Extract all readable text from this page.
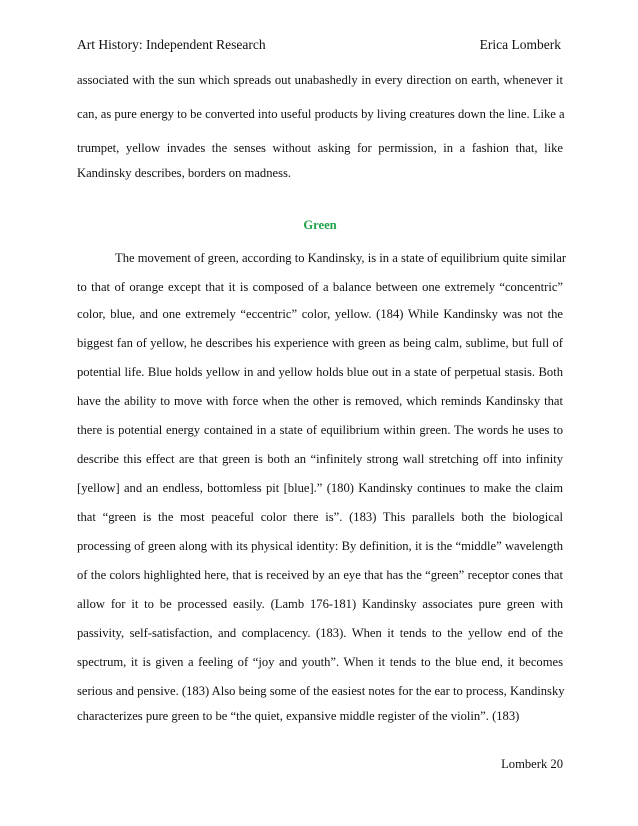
Art History: Independent Research	Erica Lomberk
associated with the sun which spreads out unabashedly in every direction on earth, whenever it
can, as pure energy to be converted into useful products by living creatures down the line. Like a
trumpet, yellow invades the senses without asking for permission, in a fashion that, like
Kandinsky describes, borders on madness.
Green
The movement of green, according to Kandinsky, is in a state of equilibrium quite similar
to that of orange except that it is composed of a balance between one extremely “concentric”
color, blue, and one extremely “eccentric” color, yellow. (184) While Kandinsky was not the
biggest fan of yellow, he describes his experience with green as being calm, sublime, but full of
potential life. Blue holds yellow in and yellow holds blue out in a state of perpetual stasis. Both
have the ability to move with force when the other is removed, which reminds Kandinsky that
there is potential energy contained in a state of equilibrium within green. The words he uses to
describe this effect are that green is both an “infinitely strong wall stretching off into infinity
[yellow] and an endless, bottomless pit [blue].” (180) Kandinsky continues to make the claim
that “green is the most peaceful color there is”. (183) This parallels both the biological
processing of green along with its physical identity: By definition, it is the “middle” wavelength
of the colors highlighted here, that is received by an eye that has the “green” receptor cones that
allow for it to be processed easily. (Lamb 176-181) Kandinsky associates pure green with
passivity, self-satisfaction, and complacency. (183). When it tends to the yellow end of the
spectrum, it is given a feeling of “joy and youth”. When it tends to the blue end, it becomes
serious and pensive. (183) Also being some of the easiest notes for the ear to process, Kandinsky
characterizes pure green to be “the quiet, expansive middle register of the violin”. (183)
Lomberk 20
